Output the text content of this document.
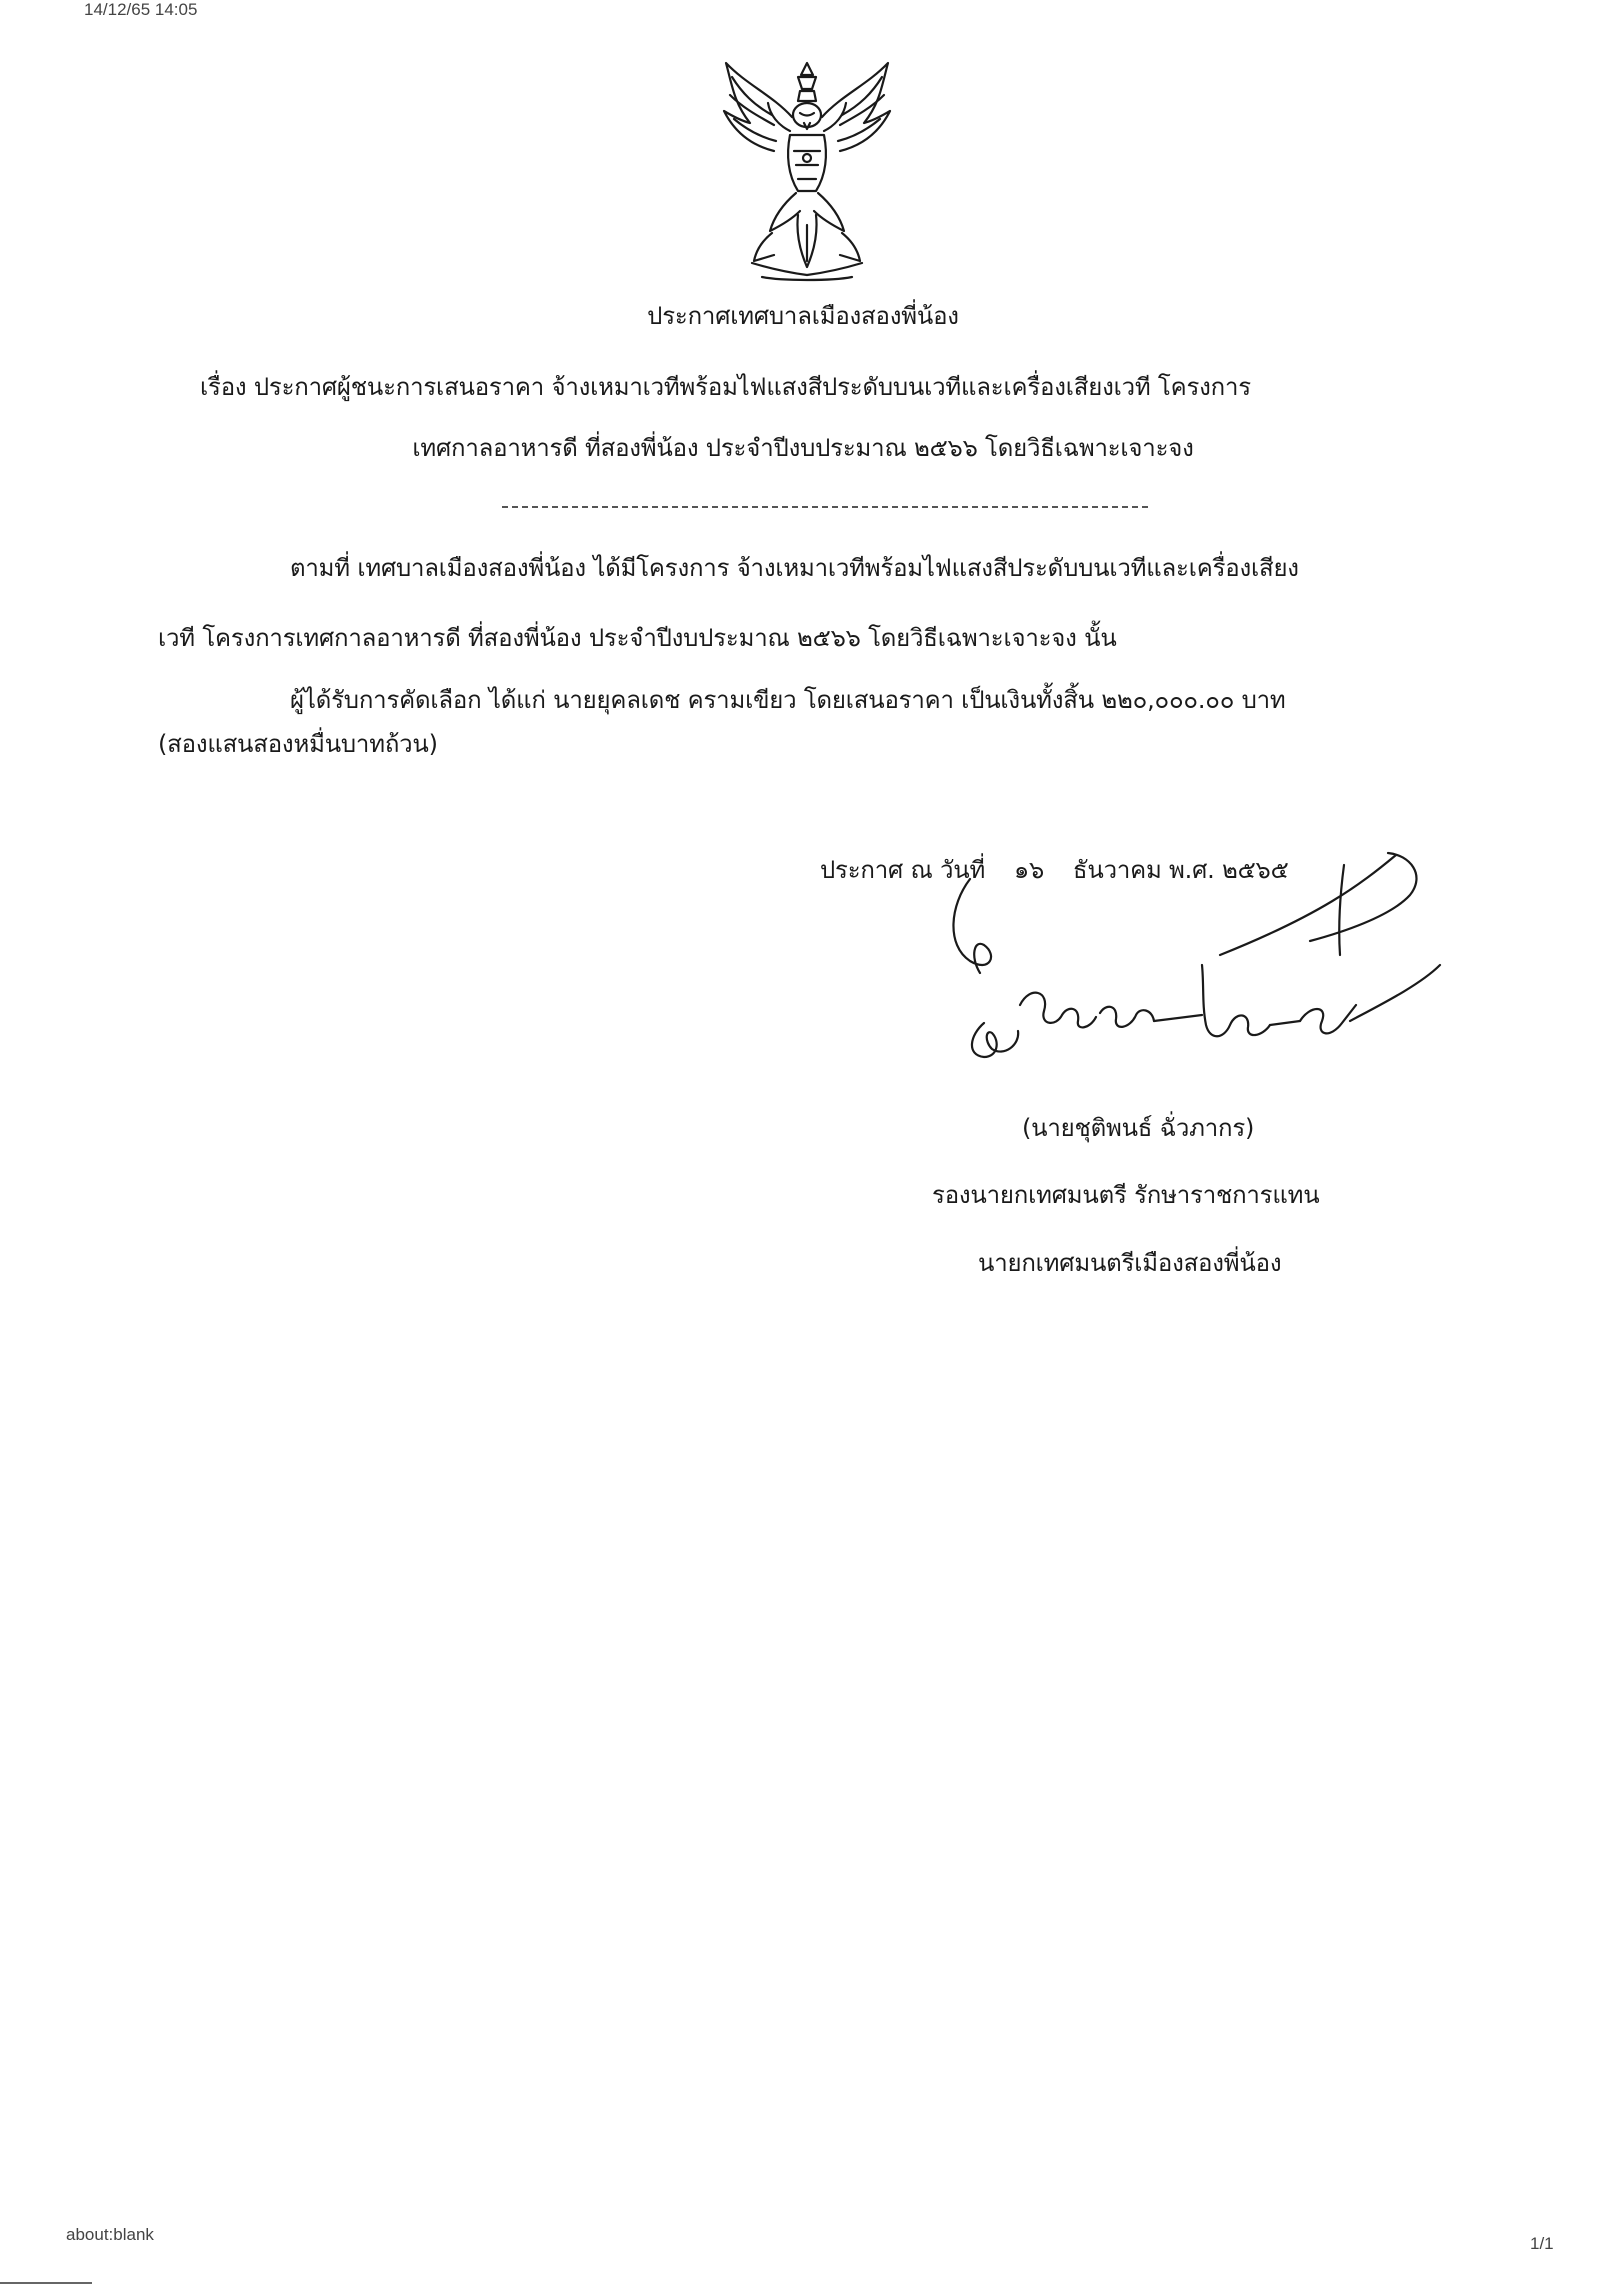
14/12/65 14:05
ประกาศเทศบาลเมืองสองพี่น้อง
เรื่อง ประกาศผู้ชนะการเสนอราคา จ้างเหมาเวทีพร้อมไฟแสงสีประดับบนเวทีและเครื่องเสียงเวที โครงการ
เทศกาลอาหารดี ที่สองพี่น้อง ประจำปีงบประมาณ ๒๕๖๖ โดยวิธีเฉพาะเจาะจง
ตามที่ เทศบาลเมืองสองพี่น้อง ได้มีโครงการ จ้างเหมาเวทีพร้อมไฟแสงสีประดับบนเวทีและเครื่องเสียง
เวที โครงการเทศกาลอาหารดี ที่สองพี่น้อง ประจำปีงบประมาณ ๒๕๖๖ โดยวิธีเฉพาะเจาะจง นั้น
ผู้ได้รับการคัดเลือก ได้แก่ นายยุคลเดช ครามเขียว โดยเสนอราคา เป็นเงินทั้งสิ้น ๒๒๐,๐๐๐.๐๐ บาท
(สองแสนสองหมื่นบาทถ้วน)
ประกาศ ณ วันที่ ๑๖ ธันวาคม พ.ศ. ๒๕๖๕
(นายชุติพนธ์ ฉั่วภากร)
รองนายกเทศมนตรี รักษาราชการแทน
นายกเทศมนตรีเมืองสองพี่น้อง
about:blank	1/1
